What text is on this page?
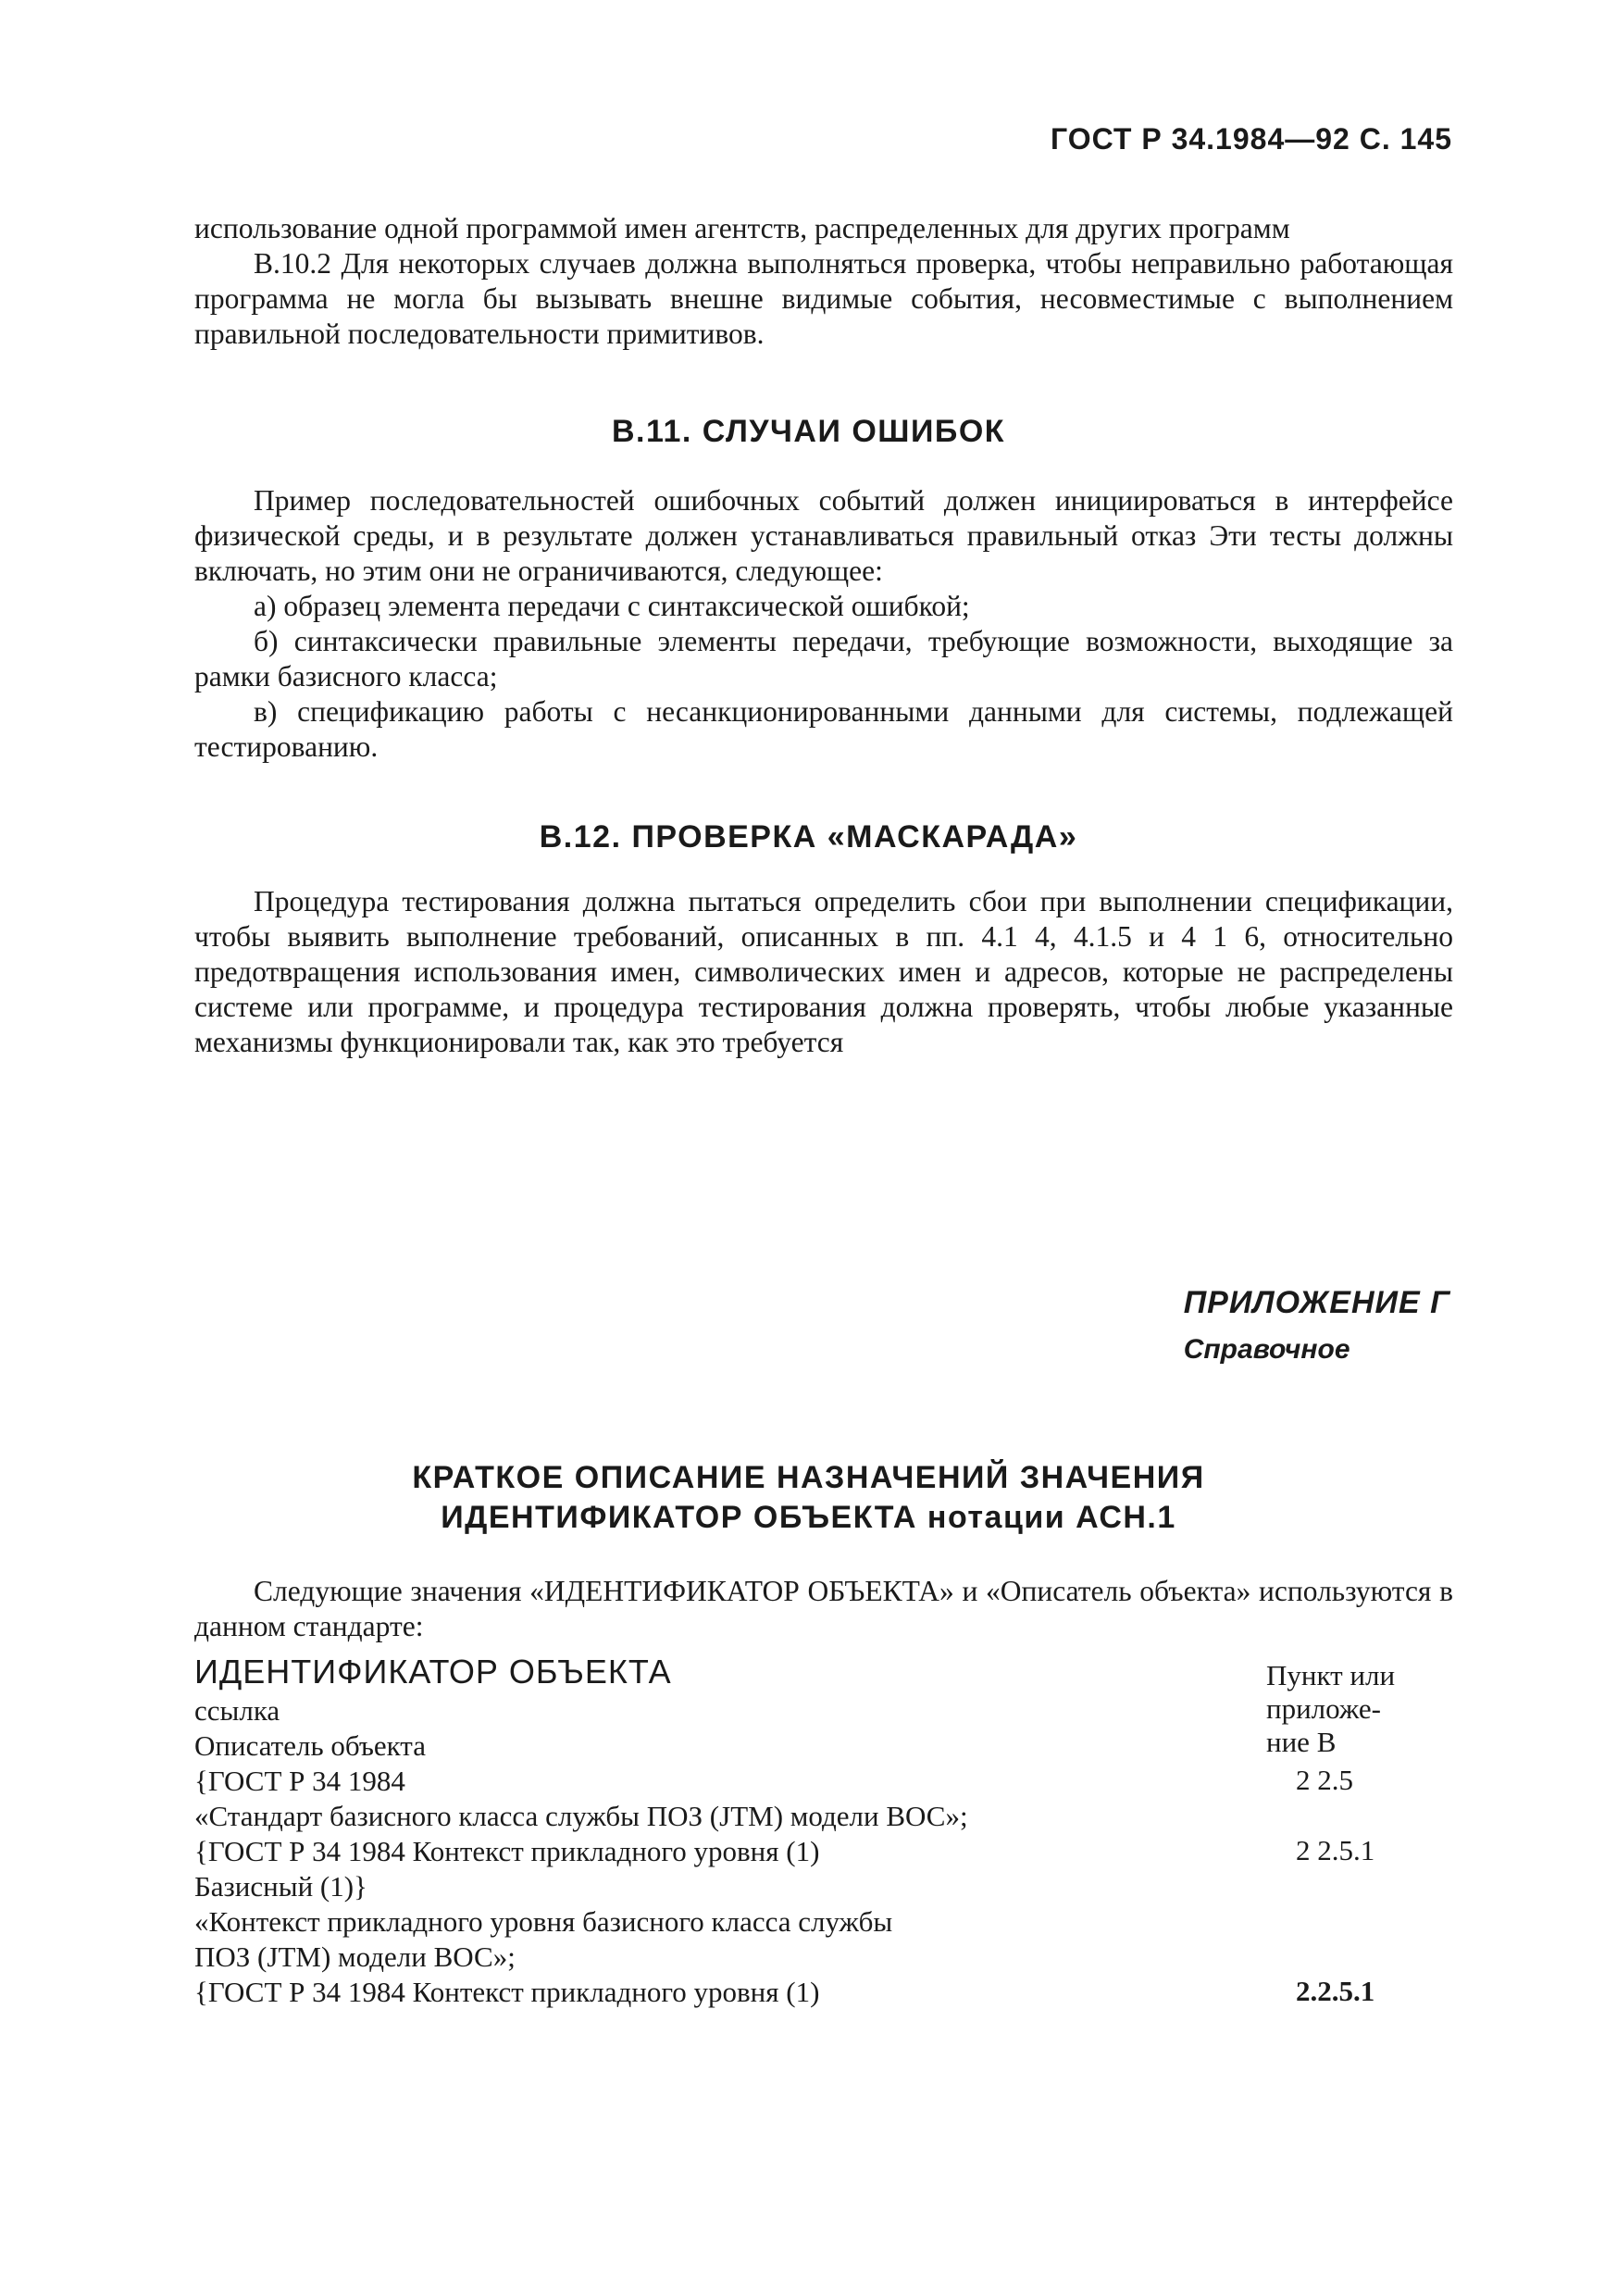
ГОСТ Р 34.1984—92 С. 145

использование одной программой имен агентств, распределенных для других программ

B.10.2 Для некоторых случаев должна выполняться проверка, чтобы неправильно работающая программа не могла бы вызывать внешне видимые события, несовместимые с выполнением правильной последовательности примитивов.

В.11. СЛУЧАИ ОШИБОК

Пример последовательностей ошибочных событий должен инициироваться в интерфейсе физической среды, и в результате должен устанавливаться правильный отказ Эти тесты должны включать, но этим они не ограничиваются, следующее:

а) образец элемента передачи с синтаксической ошибкой;

б) синтаксически правильные элементы передачи, требующие возможности, выходящие за рамки базисного класса;

в) спецификацию работы с несанкционированными данными для системы, подлежащей тестированию.

В.12. ПРОВЕРКА «МАСКАРАДА»

Процедура тестирования должна пытаться определить сбои при выполнении спецификации, чтобы выявить выполнение требований, описанных в пп. 4.1 4, 4.1.5 и 4 1 6, относительно предотвращения использования имен, символических имен и адресов, которые не распределены системе или программе, и процедура тестирования должна проверять, чтобы любые указанные механизмы функционировали так, как это требуется

ПРИЛОЖЕНИЕ Г
Справочное
КРАТКОЕ ОПИСАНИЕ НАЗНАЧЕНИЙ ЗНАЧЕНИЯ
ИДЕНТИФИКАТОР ОБЪЕКТА нотации АСН.1

Следующие значения «ИДЕНТИФИКАТОР ОБЪЕКТА» и «Описатель объекта» используются в данном стандарте:

ИДЕНТИФИКАТОР ОБЪЕКТА
ссылка
Описатель объекта
Пункт или
приложе-
ние В
{ГОСТ Р 34 1984	2 2.5
«Стандарт базисного класса службы ПОЗ (JTM) модели ВОС»;
{ГОСТ Р 34 1984 Контекст прикладного уровня (1)	2 2.5.1
Базисный (1)}
«Контекст прикладного уровня базисного класса службы
ПОЗ (JTM) модели ВОС»;
{ГОСТ Р 34 1984 Контекст прикладного уровня (1)	2.2.5.1
